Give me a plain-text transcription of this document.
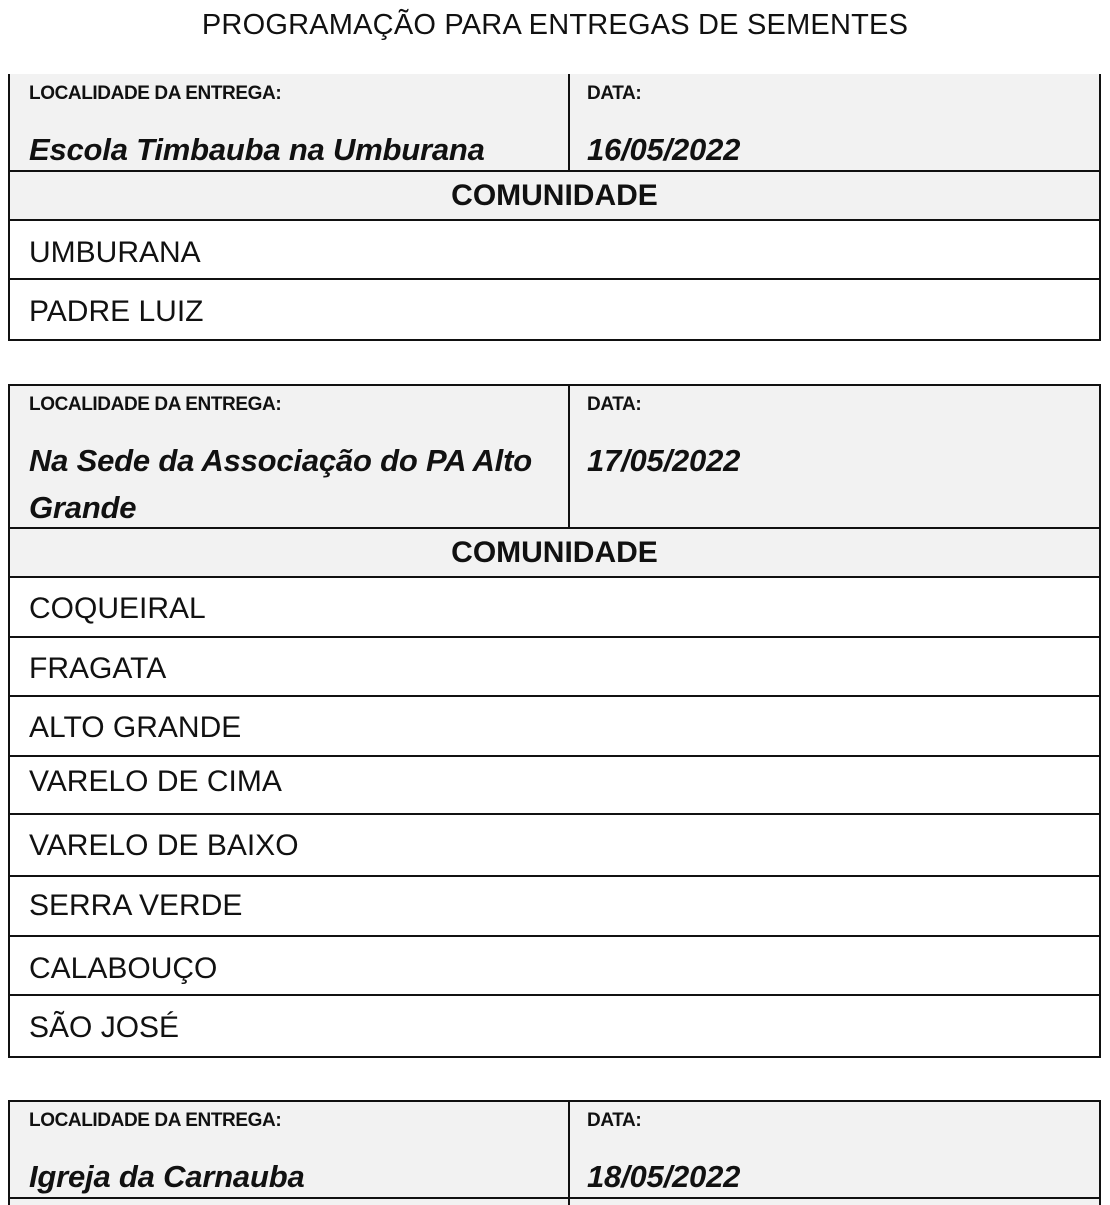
PROGRAMAÇÃO PARA ENTREGAS DE SEMENTES
LOCALIDADE DA ENTREGA:
Escola Timbauba na Umburana
DATA:
16/05/2022
COMUNIDADE
UMBURANA
PADRE LUIZ
LOCALIDADE DA ENTREGA:
Na Sede da Associação do PA Alto Grande
DATA:
17/05/2022
COMUNIDADE
COQUEIRAL
FRAGATA
ALTO GRANDE
VARELO DE CIMA
VARELO DE BAIXO
SERRA VERDE
CALABOUÇO
SÃO JOSÉ
LOCALIDADE DA ENTREGA:
Igreja da Carnauba
DATA:
18/05/2022
